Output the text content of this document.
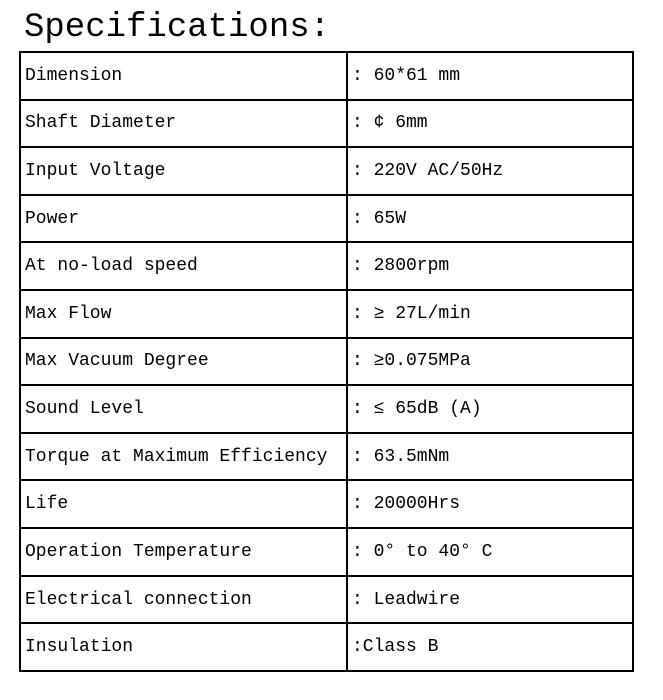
Specifications:
Dimension	: 60*61 mm
Shaft Diameter	: ¢ 6mm
Input Voltage	: 220V AC/50Hz
Power	: 65W
At no-load speed	: 2800rpm
Max Flow	: ≥ 27L/min
Max Vacuum Degree	: ≥0.075MPa
Sound Level	: ≤ 65dB (A)
Torque at Maximum Efficiency	: 63.5mNm
Life	: 20000Hrs
Operation Temperature	: 0° to 40° C
Electrical connection	: Leadwire
Insulation	:Class B
